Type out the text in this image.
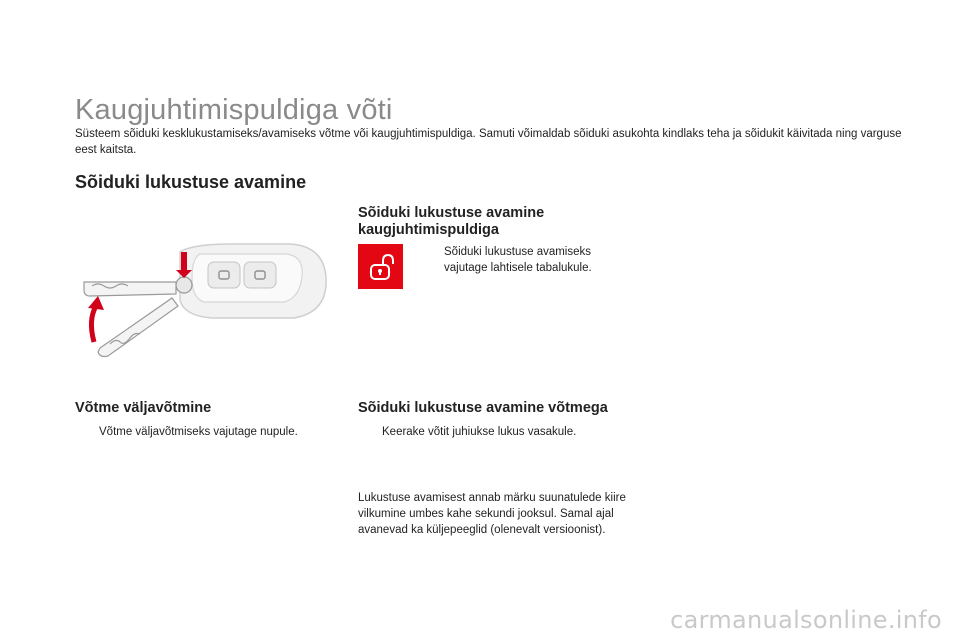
Kaugjuhtimispuldiga võti
Süsteem sõiduki kesklukustamiseks/avamiseks võtme või kaugjuhtimispuldiga. Samuti võimaldab sõiduki asukohta kindlaks teha ja sõidukit käivitada ning varguse eest kaitsta.
Sõiduki lukustuse avamine
Sõiduki lukustuse avamine kaugjuhtimispuldiga
Sõiduki lukustuse avamiseks vajutage lahtisele tabalukule.
Võtme väljavõtmine
Võtme väljavõtmiseks vajutage nupule.
Sõiduki lukustuse avamine võtmega
Keerake võtit juhiukse lukus vasakule.
Lukustuse avamisest annab märku suunatulede kiire vilkumine umbes kahe sekundi jooksul. Samal ajal avanevad ka küljepeeglid (olenevalt versioonist).
carmanualsonline.info
